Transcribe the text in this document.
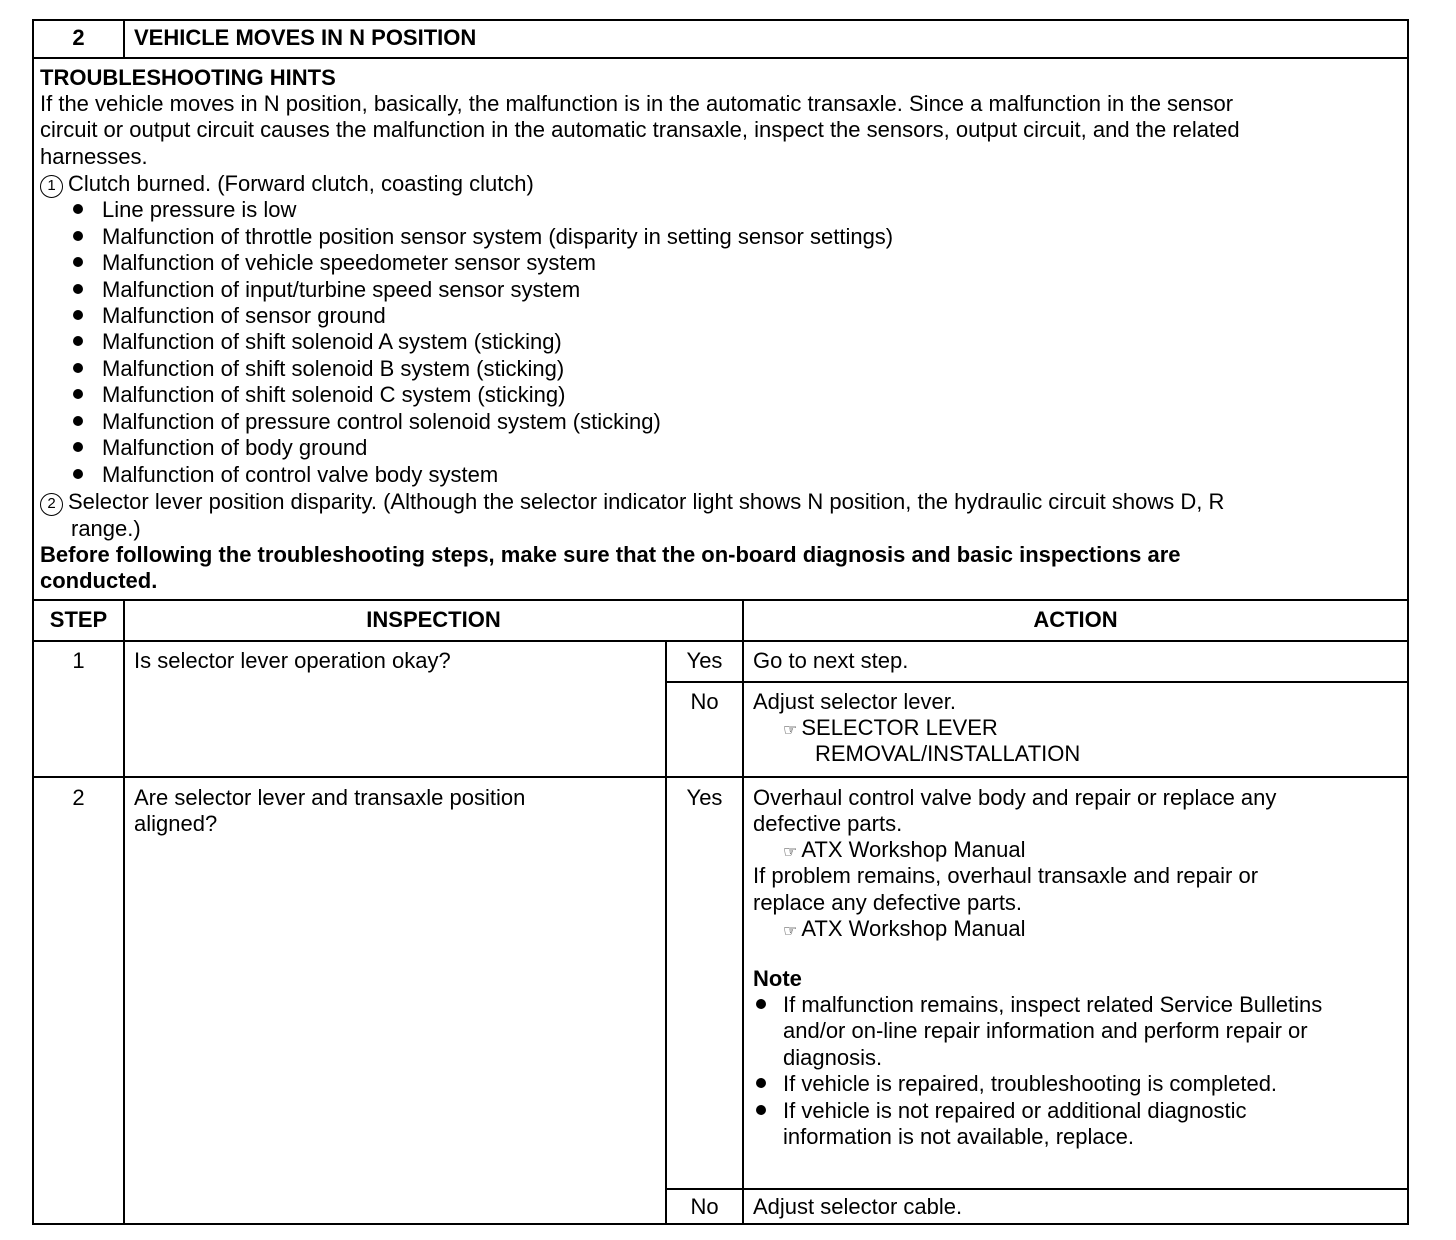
2	VEHICLE MOVES IN N POSITION
TROUBLESHOOTING HINTS
If the vehicle moves in N position, basically, the malfunction is in the automatic transaxle. Since a malfunction in the sensor
circuit or output circuit causes the malfunction in the automatic transaxle, inspect the sensors, output circuit, and the related
harnesses.
1 Clutch burned. (Forward clutch, coasting clutch)
Line pressure is low
Malfunction of throttle position sensor system (disparity in setting sensor settings)
Malfunction of vehicle speedometer sensor system
Malfunction of input/turbine speed sensor system
Malfunction of sensor ground
Malfunction of shift solenoid A system (sticking)
Malfunction of shift solenoid B system (sticking)
Malfunction of shift solenoid C system (sticking)
Malfunction of pressure control solenoid system (sticking)
Malfunction of body ground
Malfunction of control valve body system
2 Selector lever position disparity. (Although the selector indicator light shows N position, the hydraulic circuit shows D, R
range.)
Before following the troubleshooting steps, make sure that the on-board diagnosis and basic inspections are
conducted.
STEP	INSPECTION	ACTION
1	Is selector lever operation okay?	Yes	Go to next step.
No	Adjust selector lever.
☞ SELECTOR LEVER
REMOVAL/INSTALLATION
2	Are selector lever and transaxle position
aligned?
Yes	Overhaul control valve body and repair or replace any
defective parts.
☞ ATX Workshop Manual
If problem remains, overhaul transaxle and repair or
replace any defective parts.
☞ ATX Workshop Manual
Note
If malfunction remains, inspect related Service Bulletins
and/or on-line repair information and perform repair or
diagnosis.
If vehicle is repaired, troubleshooting is completed.
If vehicle is not repaired or additional diagnostic
information is not available, replace.
No	Adjust selector cable.
